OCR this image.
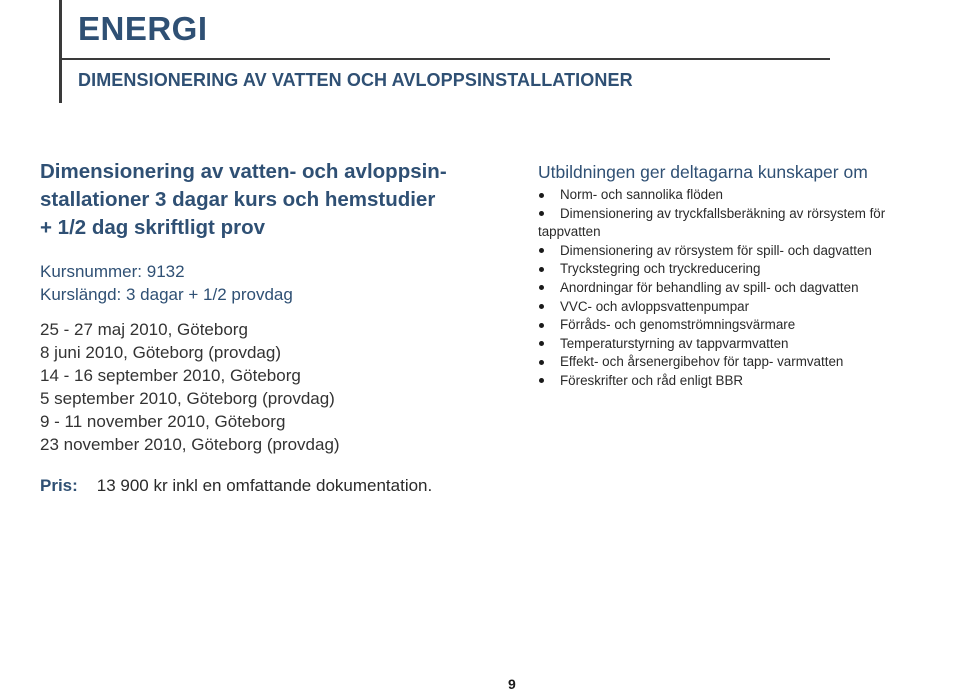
ENERGI
DIMENSIONERING AV VATTEN OCH AVLOPPSINSTALLATIONER
Dimensionering av vatten- och avloppsin-
stallationer 3 dagar kurs och hemstudier
+ 1/2 dag skriftligt prov
Kursnummer: 9132
Kurslängd: 3 dagar + 1/2 provdag
25 - 27 maj 2010, Göteborg
8 juni 2010, Göteborg (provdag)
14 - 16 september 2010, Göteborg
5 september 2010, Göteborg (provdag)
9 - 11 november 2010, Göteborg
23 november 2010, Göteborg (provdag)
Pris: 13 900 kr inkl en omfattande dokumentation.
Utbildningen ger deltagarna kunskaper om
Norm- och sannolika flöden
Dimensionering av tryckfallsberäkning av rörsystem för
tappvatten
Dimensionering av rörsystem för spill- och dagvatten
Tryckstegring och tryckreducering
Anordningar för behandling av spill- och dagvatten
VVC- och avloppsvattenpumpar
Förråds- och genomströmningsvärmare
Temperaturstyrning av tappvarmvatten
Effekt- och årsenergibehov för tapp- varmvatten
Föreskrifter och råd enligt BBR
9
